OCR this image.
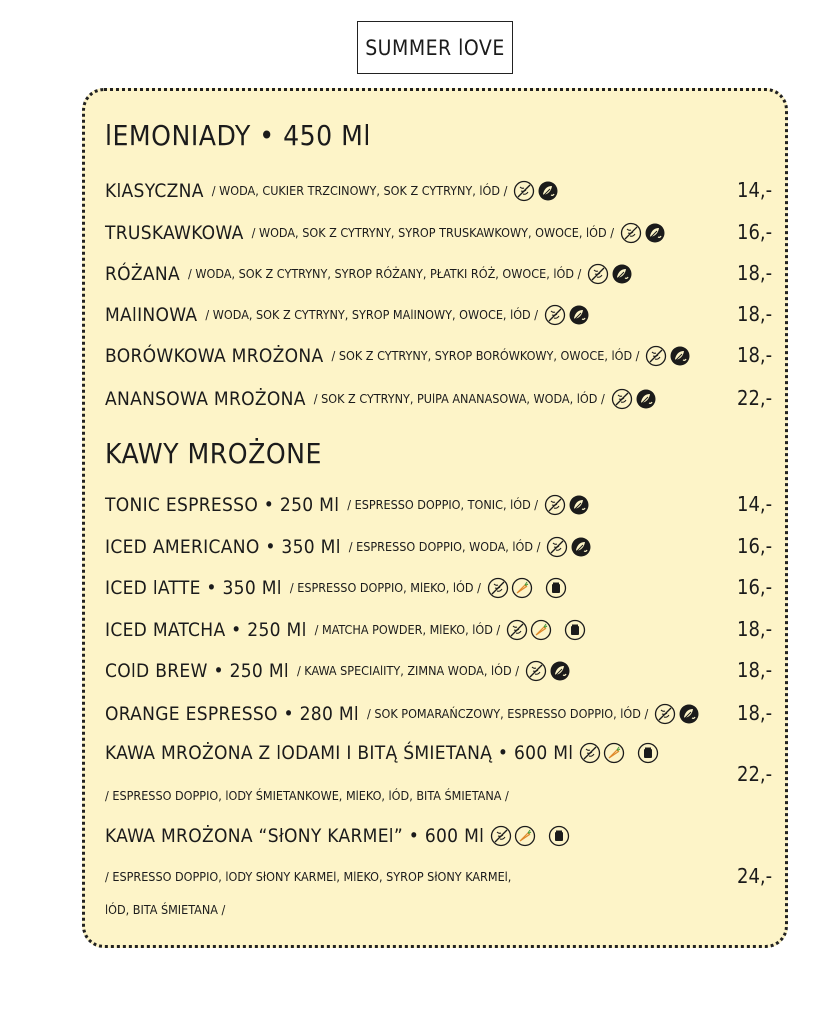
SUMMER lOVE
lEMONIADY • 450 Ml
KlASYCZNA / WODA, CUKIER TRZCINOWY, SOK Z CYTRYNY, lÓD /	14,-
TRUSKAWKOWA / WODA, SOK Z CYTRYNY, SYROP TRUSKAWKOWY, OWOCE, lÓD /	16,-
RÓŻANA / WODA, SOK Z CYTRYNY, SYROP RÓŻANY, PŁATKI RÓŻ, OWOCE, lÓD /	18,-
MAlINOWA / WODA, SOK Z CYTRYNY, SYROP MAlINOWY, OWOCE, lÓD /	18,-
BORÓWKOWA MROŻONA / SOK Z CYTRYNY, SYROP BORÓWKOWY, OWOCE, lÓD /	18,-
ANANSOWA MROŻONA / SOK Z CYTRYNY, PUlPA ANANASOWA, WODA, lÓD /	22,-
KAWY MROŻONE
TONIC ESPRESSO • 250 Ml / ESPRESSO DOPPIO, TONIC, lÓD /	14,-
ICED AMERICANO • 350 Ml / ESPRESSO DOPPIO, WODA, lÓD /	16,-
ICED lATTE • 350 Ml / ESPRESSO DOPPIO, MlEKO, lÓD /	16,-
ICED MATCHA • 250 Ml / MATCHA POWDER, MlEKO, lÓD /	18,-
COlD BREW • 250 Ml / KAWA SPECIAlITY, ZIMNA WODA, lÓD /	18,-
ORANGE ESPRESSO • 280 Ml / SOK POMARAŃCZOWY, ESPRESSO DOPPIO, lÓD /	18,-
KAWA MROŻONA Z lODAMI I BITĄ ŚMIETANĄ • 600 Ml
/ ESPRESSO DOPPIO, lODY ŚMIETANKOWE, MlEKO, lÓD, BITA ŚMIETANA /
22,-
KAWA MROŻONA “SłONY KARMEl” • 600 Ml
/ ESPRESSO DOPPIO, lODY SłONY KARMEl, MlEKO, SYROP SłONY KARMEl,
lÓD, BITA ŚMIETANA /
24,-
